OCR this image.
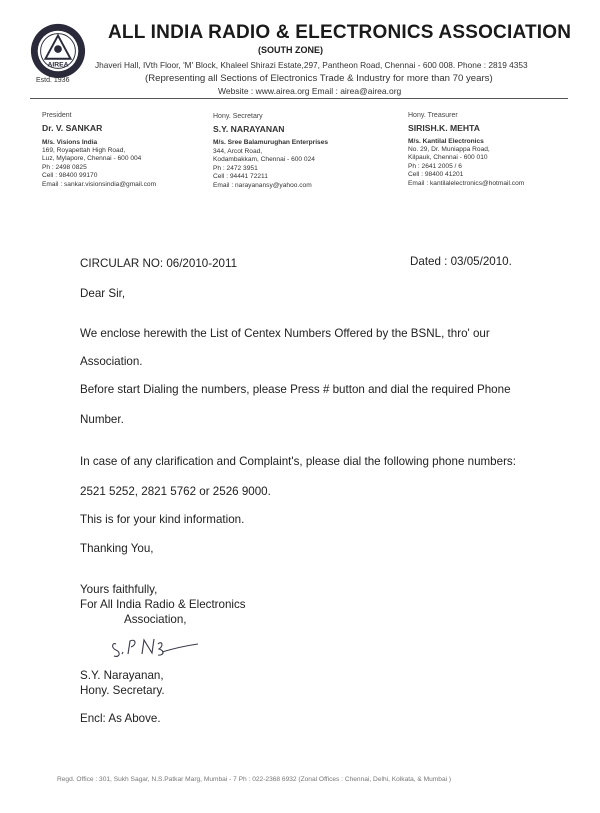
AIREA
Estd. 1936
ALL INDIA RADIO & ELECTRONICS ASSOCIATION
(SOUTH ZONE)
Jhaveri Hall, IVth Floor, 'M' Block, Khaleel Shirazi Estate,297, Pantheon Road, Chennai - 600 008. Phone : 2819 4353
(Representing all Sections of Electronics Trade & Industry for more than 70 years)
Website : www.airea.org Email : airea@airea.org
President
Dr. V. SANKAR
M/s. Visions India
169, Royapettah High Road,
Luz, Mylapore, Chennai - 600 004
Ph : 2498 0825
Cell : 98400 99170
Email : sankar.visionsindia@gmail.com
Hony. Secretary
S.Y. NARAYANAN
M/s. Sree Balamurughan Enterprises
344, Arcot Road,
Kodambakkam, Chennai - 600 024
Ph : 2472 3951
Cell : 94441 72211
Email : narayanansy@yahoo.com
Hony. Treasurer
SIRISH.K. MEHTA
M/s. Kantilal Electronics
No. 29, Dr. Muniappa Road,
Kilpauk, Chennai - 600 010
Ph : 2641 2005 / 6
Cell : 98400 41201
Email : kantilalelectronics@hotmail.com
CIRCULAR NO: 06/2010-2011	Dated : 03/05/2010.
Dear Sir,
We enclose herewith the List of Centex Numbers Offered by the BSNL, thro' our
Association.
Before start Dialing the numbers, please Press # button and dial the required Phone
Number.
In case of any clarification and Complaint's, please dial the following phone numbers:
2521 5252, 2821 5762 or 2526 9000.
This is for your kind information.
Thanking You,
Yours faithfully,
For All India Radio & Electronics
Association,
S.Y. Narayanan,
Hony. Secretary.
Encl: As Above.
Regd. Office : 301, Sukh Sagar, N.S.Patkar Marg, Mumbai - 7 Ph : 022-2368 6932 (Zonal Offices : Chennai, Delhi, Kolkata, & Mumbai )
